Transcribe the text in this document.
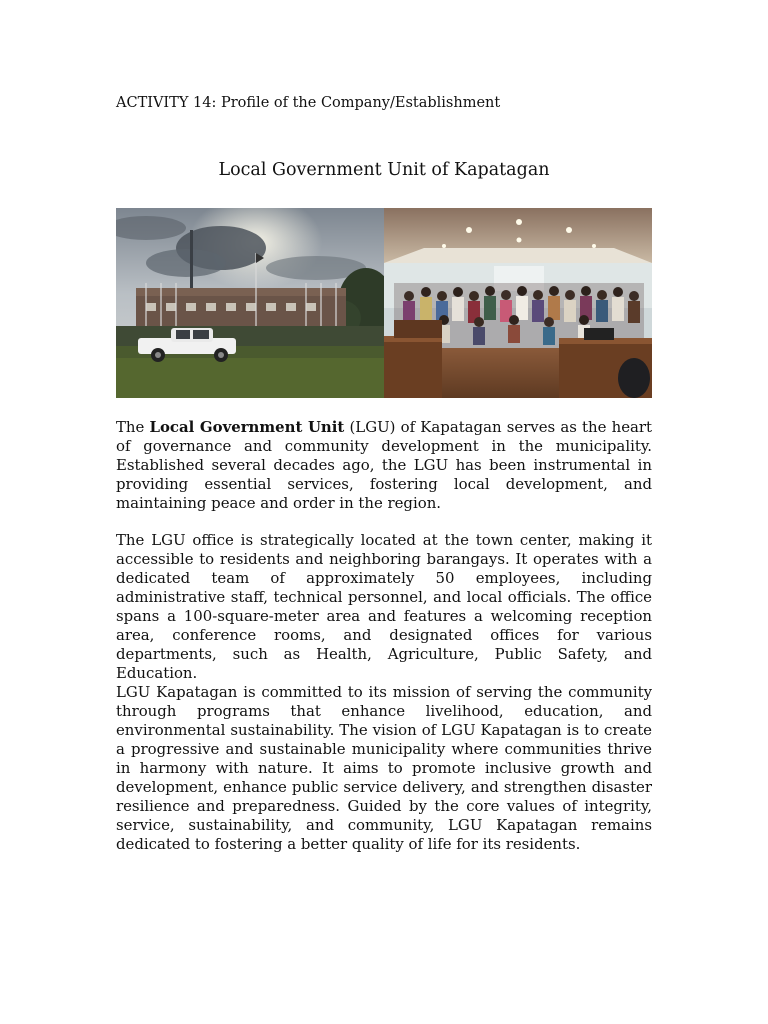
ACTIVITY 14: Profile of the Company/Establishment
Local Government Unit of Kapatagan

The Local Government Unit (LGU) of Kapatagan serves as the heart of governance and community development in the municipality. Established several decades ago, the LGU has been instrumental in providing essential services, fostering local development, and maintaining peace and order in the region.

The LGU office is strategically located at the town center, making it accessible to residents and neighboring barangays. It operates with a dedicated team of approximately 50 employees, including administrative staff, technical personnel, and local officials. The office spans a 100-square-meter area and features a welcoming reception area, conference rooms, and designated offices for various departments, such as Health, Agriculture, Public Safety, and Education.

LGU Kapatagan is committed to its mission of serving the community through programs that enhance livelihood, education, and environmental sustainability. The vision of LGU Kapatagan is to create a progressive and sustainable municipality where communities thrive in harmony with nature. It aims to promote inclusive growth and development, enhance public service delivery, and strengthen disaster resilience and preparedness. Guided by the core values of integrity, service, sustainability, and community, LGU Kapatagan remains dedicated to fostering a better quality of life for its residents.
